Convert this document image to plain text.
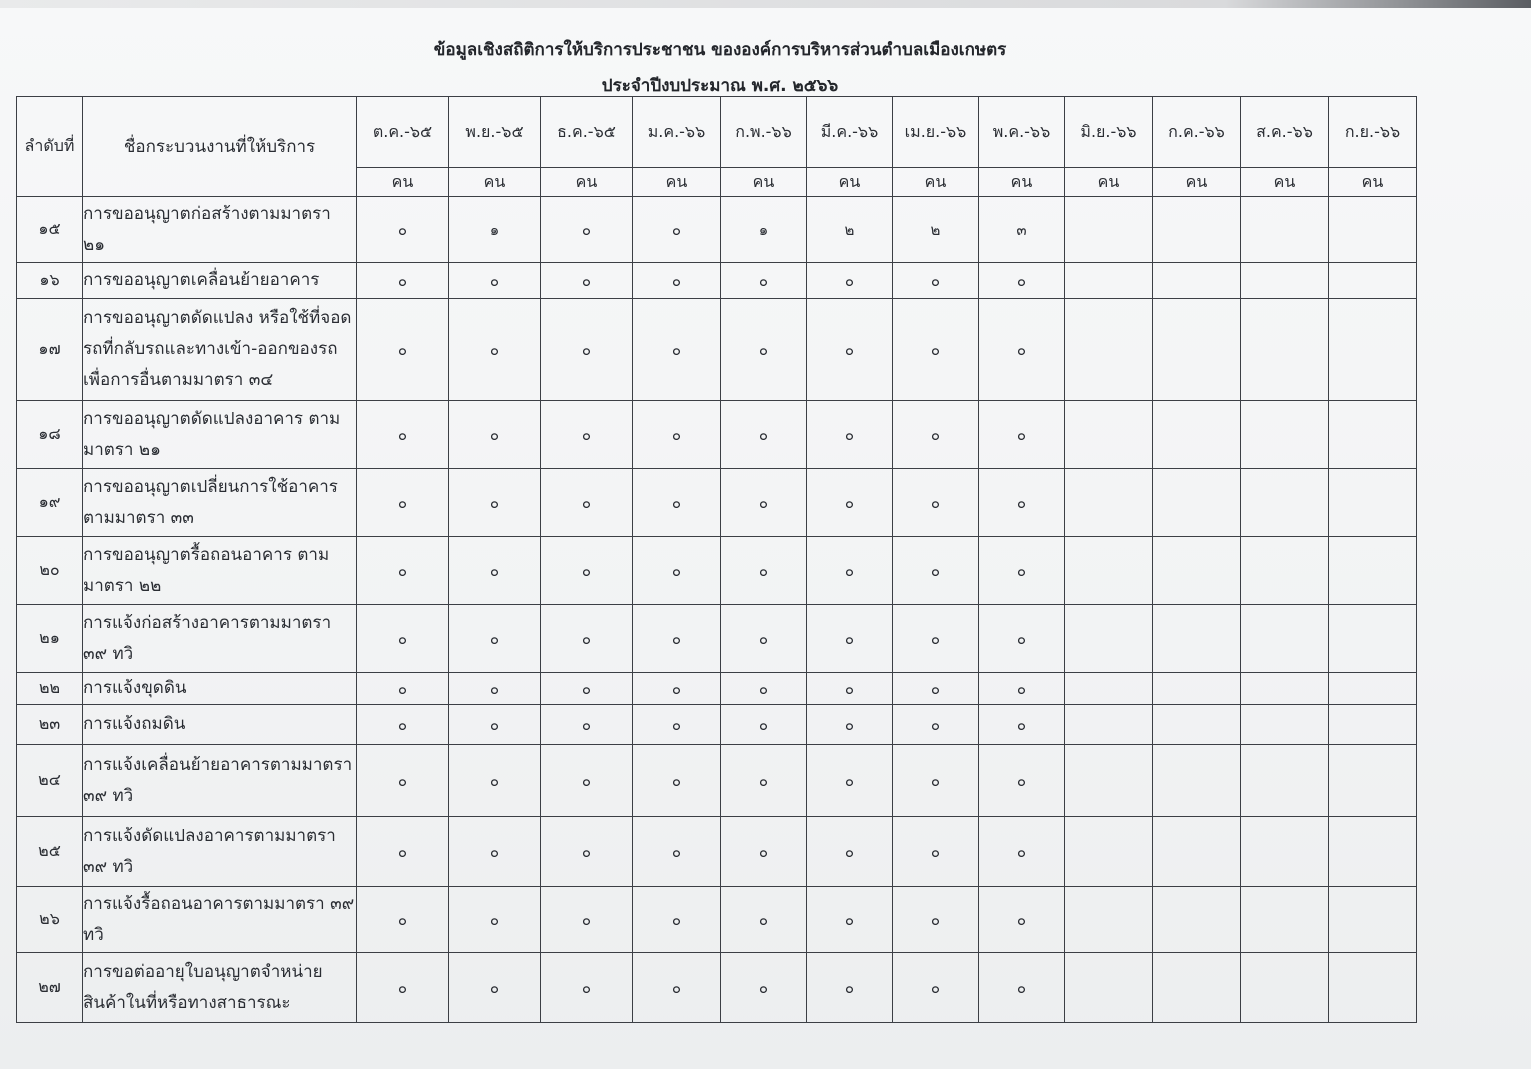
ข้อมูลเชิงสถิติการให้บริการประชาชน ขององค์การบริหารส่วนตำบลเมืองเกษตร
ประจำปีงบประมาณ พ.ศ. ๒๕๖๖
ลำดับที่	ชื่อกระบวนงานที่ให้บริการ	ต.ค.-๖๕	พ.ย.-๖๕	ธ.ค.-๖๕	ม.ค.-๖๖	ก.พ.-๖๖	มี.ค.-๖๖	เม.ย.-๖๖	พ.ค.-๖๖	มิ.ย.-๖๖	ก.ค.-๖๖	ส.ค.-๖๖	ก.ย.-๖๖
		คน	คน	คน	คน	คน	คน	คน	คน	คน	คน	คน	คน
๑๕	การขออนุญาตก่อสร้างตามมาตรา ๒๑	๐	๑	๐	๐	๑	๒	๒	๓				
๑๖	การขออนุญาตเคลื่อนย้ายอาคาร	๐	๐	๐	๐	๐	๐	๐	๐				
๑๗	การขออนุญาตดัดแปลง หรือใช้ที่จอดรถที่กลับรถและทางเข้า-ออกของรถ เพื่อการอื่นตามมาตรา ๓๔	๐	๐	๐	๐	๐	๐	๐	๐				
๑๘	การขออนุญาตดัดแปลงอาคาร ตามมาตรา ๒๑	๐	๐	๐	๐	๐	๐	๐	๐				
๑๙	การขออนุญาตเปลี่ยนการใช้อาคารตามมาตรา ๓๓	๐	๐	๐	๐	๐	๐	๐	๐				
๒๐	การขออนุญาตรื้อถอนอาคาร ตามมาตรา ๒๒	๐	๐	๐	๐	๐	๐	๐	๐				
๒๑	การแจ้งก่อสร้างอาคารตามมาตรา ๓๙ ทวิ	๐	๐	๐	๐	๐	๐	๐	๐				
๒๒	การแจ้งขุดดิน	๐	๐	๐	๐	๐	๐	๐	๐				
๒๓	การแจ้งถมดิน	๐	๐	๐	๐	๐	๐	๐	๐				
๒๔	การแจ้งเคลื่อนย้ายอาคารตามมาตรา ๓๙ ทวิ	๐	๐	๐	๐	๐	๐	๐	๐				
๒๕	การแจ้งดัดแปลงอาคารตามมาตรา ๓๙ ทวิ	๐	๐	๐	๐	๐	๐	๐	๐				
๒๖	การแจ้งรื้อถอนอาคารตามมาตรา ๓๙ ทวิ	๐	๐	๐	๐	๐	๐	๐	๐				
๒๗	การขอต่ออายุใบอนุญาตจำหน่ายสินค้าในที่หรือทางสาธารณะ	๐	๐	๐	๐	๐	๐	๐	๐				
